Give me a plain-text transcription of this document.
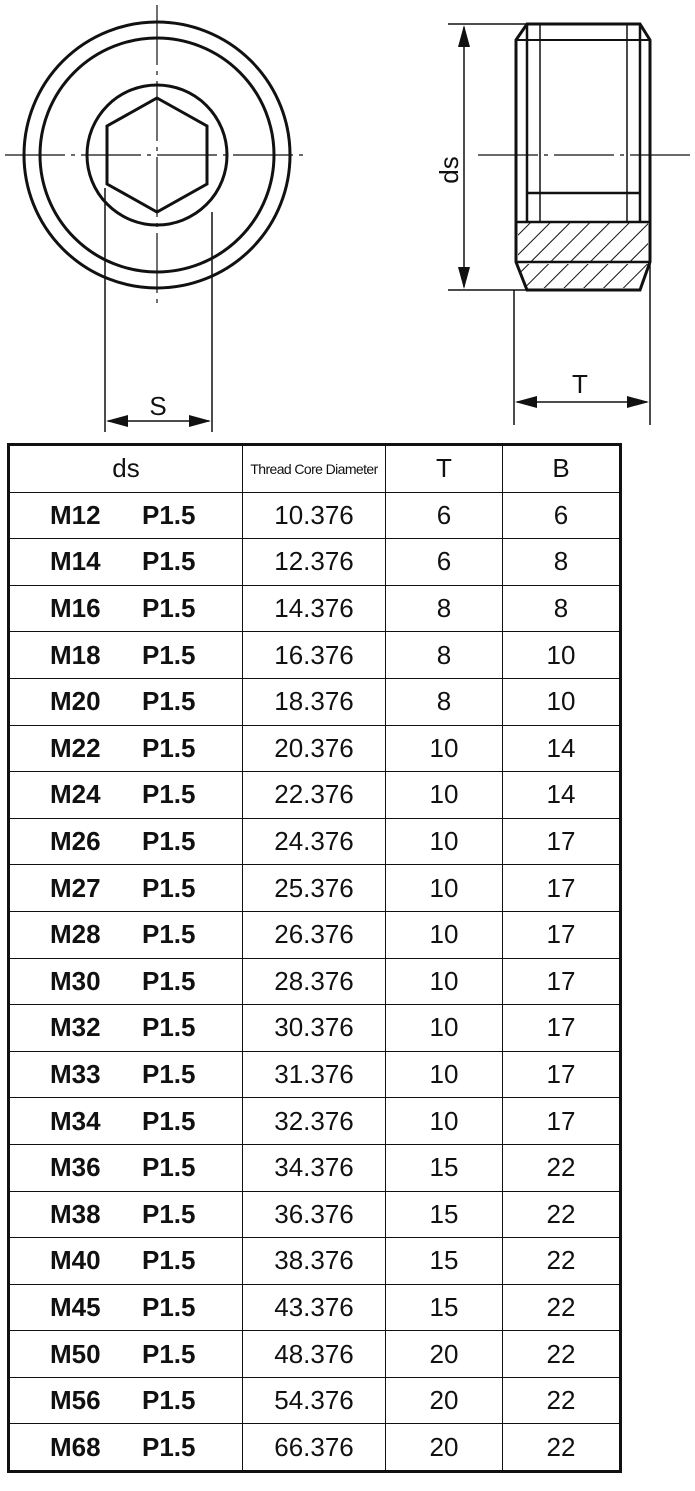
S
ds
T
ds	Thread Core Diameter	T	B
M12 P1.5	10.376	6	6
M14 P1.5	12.376	6	8
M16 P1.5	14.376	8	8
M18 P1.5	16.376	8	10
M20 P1.5	18.376	8	10
M22 P1.5	20.376	10	14
M24 P1.5	22.376	10	14
M26 P1.5	24.376	10	17
M27 P1.5	25.376	10	17
M28 P1.5	26.376	10	17
M30 P1.5	28.376	10	17
M32 P1.5	30.376	10	17
M33 P1.5	31.376	10	17
M34 P1.5	32.376	10	17
M36 P1.5	34.376	15	22
M38 P1.5	36.376	15	22
M40 P1.5	38.376	15	22
M45 P1.5	43.376	15	22
M50 P1.5	48.376	20	22
M56 P1.5	54.376	20	22
M68 P1.5	66.376	20	22
